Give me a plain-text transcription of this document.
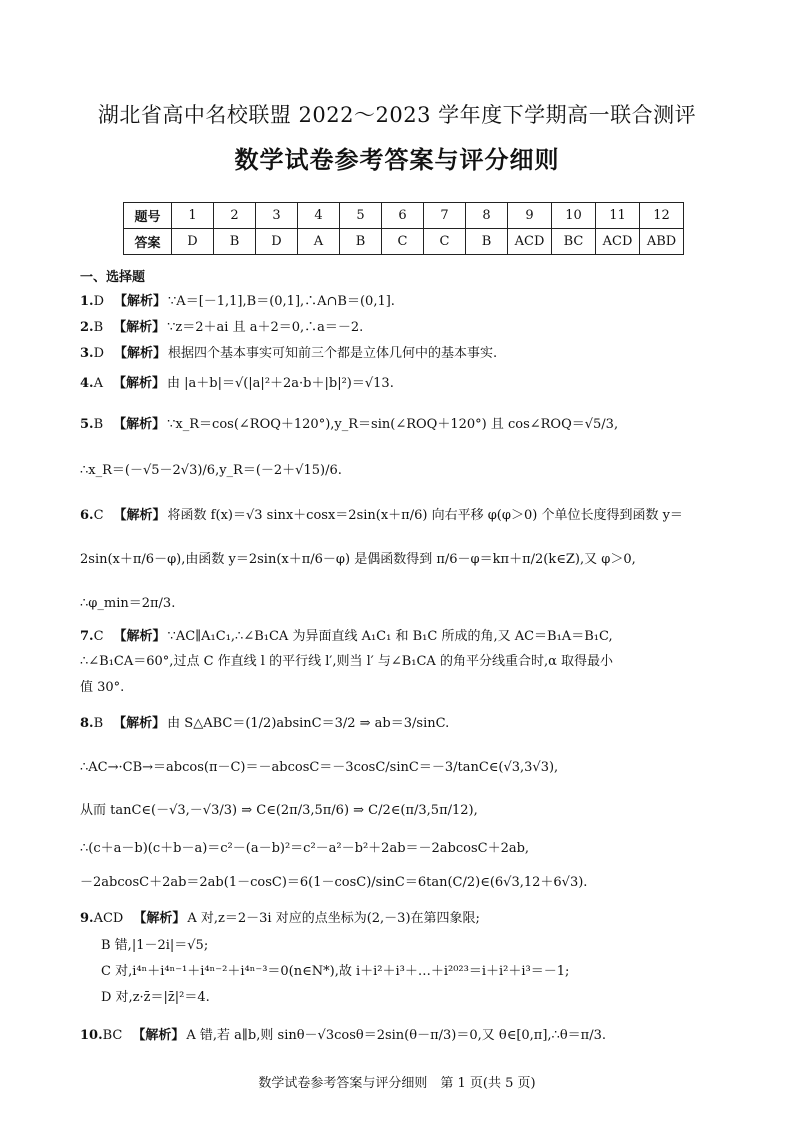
湖北省高中名校联盟 2022～2023 学年度下学期高一联合测评
数学试卷参考答案与评分细则
题号	1	2	3	4	5	6	7	8	9	10	11	12
答案	D	B	D	A	B	C	C	B	ACD	BC	ACD	ABD
一、选择题
1.D 【解析】 ∵A＝[－1,1],B＝(0,1],∴A∩B＝(0,1].
2.B 【解析】 ∵z＝2＋ai 且 a＋2＝0,∴a＝－2.
3.D 【解析】 根据四个基本事实可知前三个都是立体几何中的基本事实.
4.A 【解析】 由 |a＋b|＝√(|a|²＋2a·b＋|b|²)＝√13.
5.B 【解析】 ∵x_R＝cos(∠ROQ＋120°),y_R＝sin(∠ROQ＋120°) 且 cos∠ROQ＝√5/3,
∴x_R＝(－√5－2√3)/6,y_R＝(－2＋√15)/6.
6.C 【解析】 将函数 f(x)＝√3 sinx＋cosx＝2sin(x＋π/6) 向右平移 φ(φ＞0) 个单位长度得到函数 y＝
2sin(x＋π/6－φ),由函数 y＝2sin(x＋π/6－φ) 是偶函数得到 π/6－φ＝kπ＋π/2(k∈Z),又 φ＞0,
∴φ_min＝2π/3.
7.C 【解析】 ∵AC∥A₁C₁,∴∠B₁CA 为异面直线 A₁C₁ 和 B₁C 所成的角,又 AC＝B₁A＝B₁C,
∴∠B₁CA＝60°,过点 C 作直线 l 的平行线 l′,则当 l′ 与∠B₁CA 的角平分线重合时,α 取得最小
值 30°.
8.B 【解析】 由 S△ABC＝(1/2)absinC＝3/2 ⇒ ab＝3/sinC.
∴AC→·CB→＝abcos(π－C)＝－abcosC＝－3cosC/sinC＝－3/tanC∈(√3,3√3),
从而 tanC∈(－√3,－√3/3) ⇒ C∈(2π/3,5π/6) ⇒ C/2∈(π/3,5π/12),
∴(c＋a－b)(c＋b－a)＝c²－(a－b)²＝c²－a²－b²＋2ab＝－2abcosC＋2ab,
－2abcosC＋2ab＝2ab(1－cosC)＝6(1－cosC)/sinC＝6tan(C/2)∈(6√3,12＋6√3).
9.ACD 【解析】 A 对,z＝2－3i 对应的点坐标为(2,－3)在第四象限;
B 错,|1－2i|＝√5;
C 对,i⁴ⁿ＋i⁴ⁿ⁻¹＋i⁴ⁿ⁻²＋i⁴ⁿ⁻³＝0(n∈N*),故 i＋i²＋i³＋…＋i²⁰²³＝i＋i²＋i³＝－1;
D 对,z·z̄＝|z̄|²＝4.
10.BC 【解析】 A 错,若 a∥b,则 sinθ－√3cosθ＝2sin(θ－π/3)＝0,又 θ∈[0,π],∴θ＝π/3.
数学试卷参考答案与评分细则　第 1 页(共 5 页)
